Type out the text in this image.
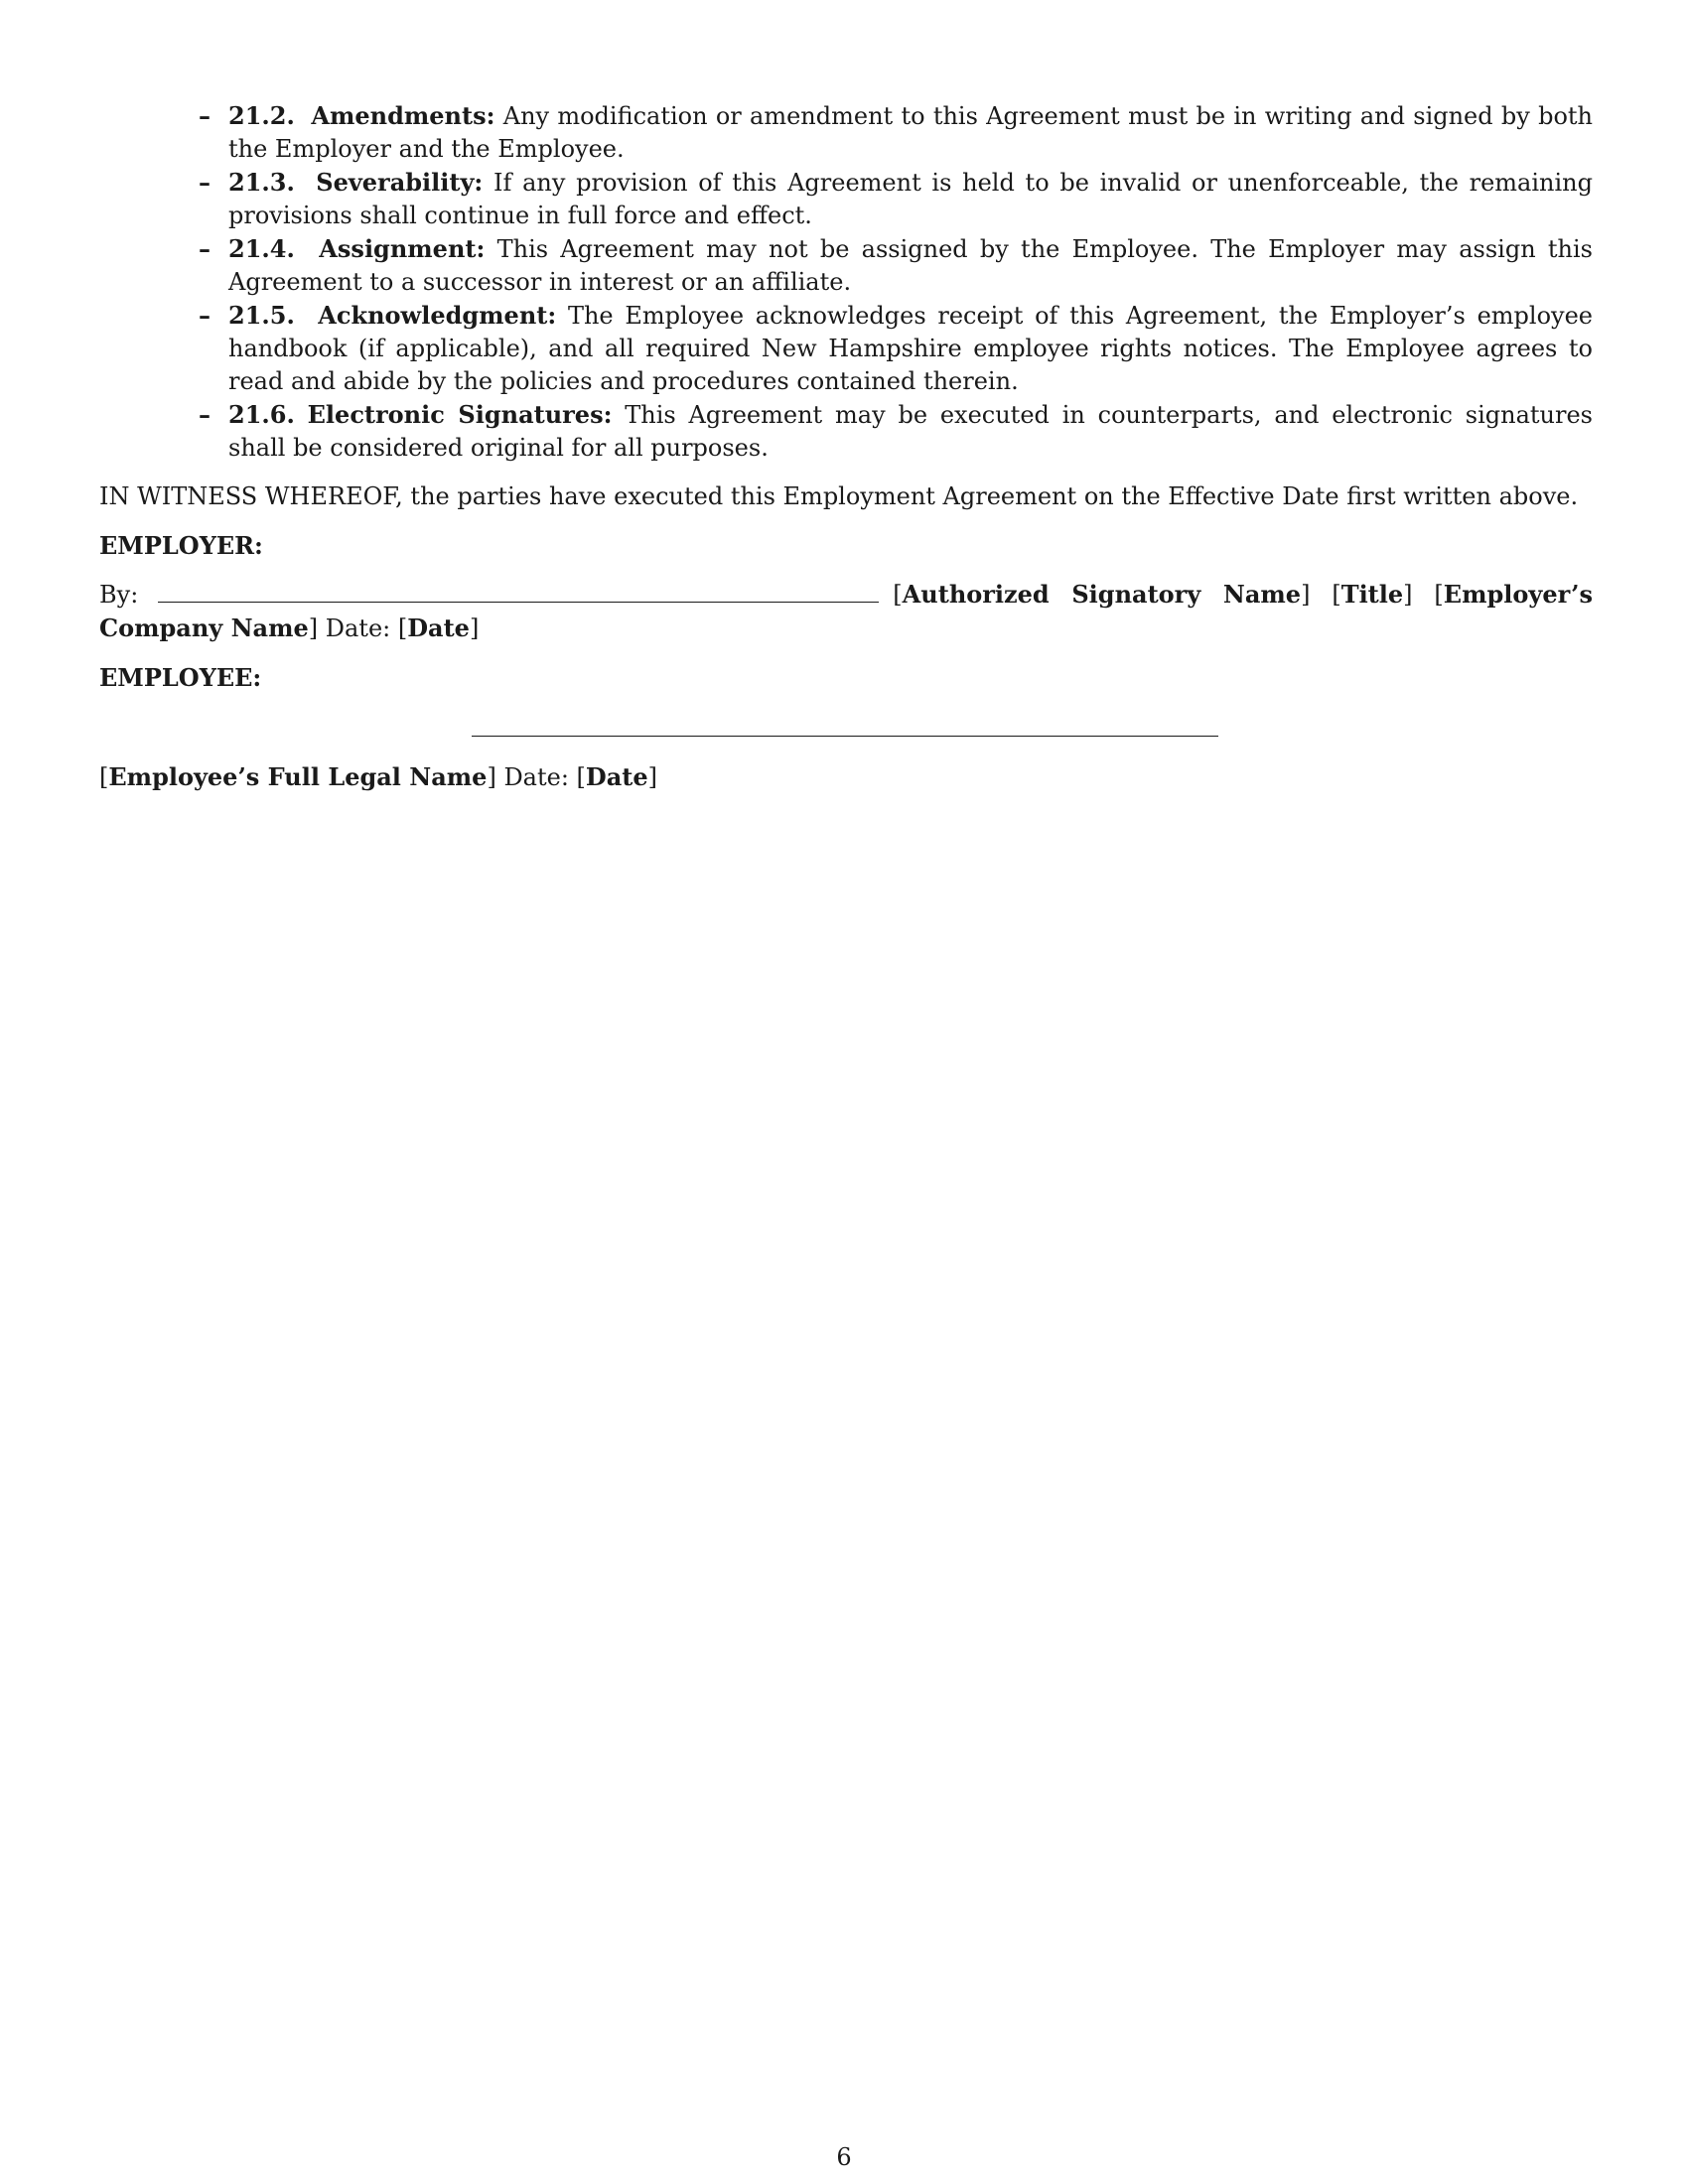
– 21.2. Amendments: Any modification or amendment to this Agreement must be in writing and signed by both the Employer and the Employee.
– 21.3. Severability: If any provision of this Agreement is held to be invalid or unenforceable, the remaining provisions shall continue in full force and effect.
– 21.4. Assignment: This Agreement may not be assigned by the Employee. The Employer may assign this Agreement to a successor in interest or an affiliate.
– 21.5. Acknowledgment: The Employee acknowledges receipt of this Agreement, the Employer’s employee handbook (if applicable), and all required New Hampshire employee rights notices. The Employee agrees to read and abide by the policies and procedures contained therein.
– 21.6. Electronic Signatures: This Agreement may be executed in counterparts, and electronic signatures shall be considered original for all purposes.

IN WITNESS WHEREOF, the parties have executed this Employment Agreement on the Effective Date first written above.

EMPLOYER:
By:	[Authorized Signatory Name] [Title] [Employer’s Company Name] Date: [Date]
EMPLOYEE:
[Employee’s Full Legal Name] Date: [Date]
6
